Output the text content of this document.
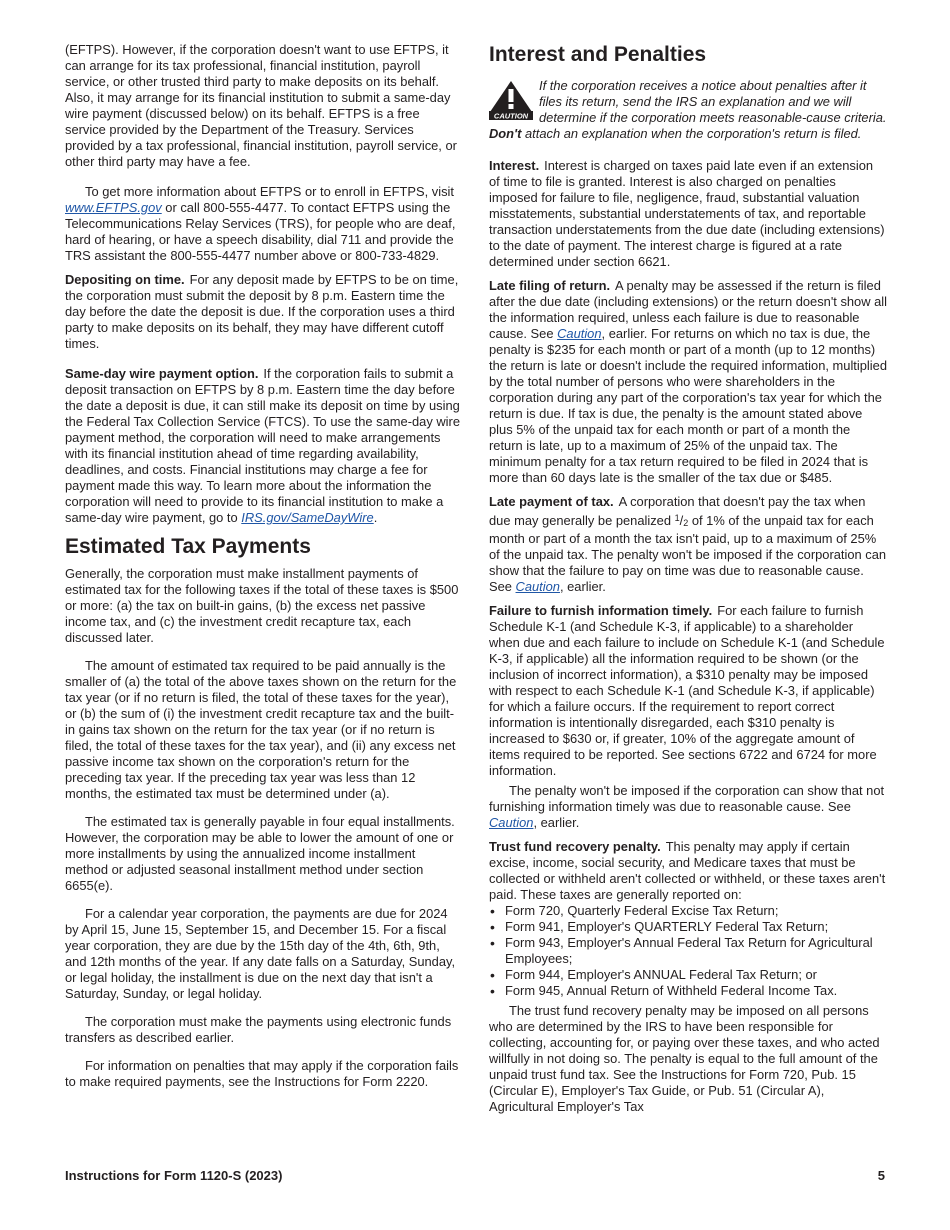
(EFTPS). However, if the corporation doesn't want to use EFTPS, it can arrange for its tax professional, financial institution, payroll service, or other trusted third party to make deposits on its behalf. Also, it may arrange for its financial institution to submit a same-day wire payment (discussed below) on its behalf. EFTPS is a free service provided by the Department of the Treasury. Services provided by a tax professional, financial institution, payroll service, or other third party may have a fee.

To get more information about EFTPS or to enroll in EFTPS, visit www.EFTPS.gov or call 800-555-4477. To contact EFTPS using the Telecommunications Relay Services (TRS), for people who are deaf, hard of hearing, or have a speech disability, dial 711 and provide the TRS assistant the 800-555-4477 number above or 800-733-4829.

Depositing on time. For any deposit made by EFTPS to be on time, the corporation must submit the deposit by 8 p.m. Eastern time the day before the date the deposit is due. If the corporation uses a third party to make deposits on its behalf, they may have different cutoff times.

Same-day wire payment option. If the corporation fails to submit a deposit transaction on EFTPS by 8 p.m. Eastern time the day before the date a deposit is due, it can still make its deposit on time by using the Federal Tax Collection Service (FTCS). To use the same-day wire payment method, the corporation will need to make arrangements with its financial institution ahead of time regarding availability, deadlines, and costs. Financial institutions may charge a fee for payment made this way. To learn more about the information the corporation will need to provide to its financial institution to make a same-day wire payment, go to IRS.gov/SameDayWire.

Estimated Tax Payments

Generally, the corporation must make installment payments of estimated tax for the following taxes if the total of these taxes is $500 or more: (a) the tax on built-in gains, (b) the excess net passive income tax, and (c) the investment credit recapture tax, each discussed later.

The amount of estimated tax required to be paid annually is the smaller of (a) the total of the above taxes shown on the return for the tax year (or if no return is filed, the total of these taxes for the year), or (b) the sum of (i) the investment credit recapture tax and the built-in gains tax shown on the return for the tax year (or if no return is filed, the total of these taxes for the tax year), and (ii) any excess net passive income tax shown on the corporation's return for the preceding tax year. If the preceding tax year was less than 12 months, the estimated tax must be determined under (a).

The estimated tax is generally payable in four equal installments. However, the corporation may be able to lower the amount of one or more installments by using the annualized income installment method or adjusted seasonal installment method under section 6655(e).

For a calendar year corporation, the payments are due for 2024 by April 15, June 15, September 15, and December 15. For a fiscal year corporation, they are due by the 15th day of the 4th, 6th, 9th, and 12th months of the year. If any date falls on a Saturday, Sunday, or legal holiday, the installment is due on the next day that isn't a Saturday, Sunday, or legal holiday.

The corporation must make the payments using electronic funds transfers as described earlier.

For information on penalties that may apply if the corporation fails to make required payments, see the Instructions for Form 2220.

Interest and Penalties
CAUTION
If the corporation receives a notice about penalties after it files its return, send the IRS an explanation and we will determine if the corporation meets reasonable-cause criteria. Don't attach an explanation when the corporation's return is filed.

Interest. Interest is charged on taxes paid late even if an extension of time to file is granted. Interest is also charged on penalties imposed for failure to file, negligence, fraud, substantial valuation misstatements, substantial understatements of tax, and reportable transaction understatements from the due date (including extensions) to the date of payment. The interest charge is figured at a rate determined under section 6621.

Late filing of return. A penalty may be assessed if the return is filed after the due date (including extensions) or the return doesn't show all the information required, unless each failure is due to reasonable cause. See Caution, earlier. For returns on which no tax is due, the penalty is $235 for each month or part of a month (up to 12 months) the return is late or doesn't include the required information, multiplied by the total number of persons who were shareholders in the corporation during any part of the corporation's tax year for which the return is due. If tax is due, the penalty is the amount stated above plus 5% of the unpaid tax for each month or part of a month the return is late, up to a maximum of 25% of the unpaid tax. The minimum penalty for a tax return required to be filed in 2024 that is more than 60 days late is the smaller of the tax due or $485.

Late payment of tax. A corporation that doesn't pay the tax when due may generally be penalized $^1$/2 of 1% of the unpaid tax for each month or part of a month the tax isn't paid, up to a maximum of 25% of the unpaid tax. The penalty won't be imposed if the corporation can show that the failure to pay on time was due to reasonable cause. See Caution, earlier.

Failure to furnish information timely. For each failure to furnish Schedule K-1 (and Schedule K-3, if applicable) to a shareholder when due and each failure to include on Schedule K-1 (and Schedule K-3, if applicable) all the information required to be shown (or the inclusion of incorrect information), a $310 penalty may be imposed with respect to each Schedule K-1 (and Schedule K-3, if applicable) for which a failure occurs. If the requirement to report correct information is intentionally disregarded, each $310 penalty is increased to $630 or, if greater, 10% of the aggregate amount of items required to be reported. See sections 6722 and 6724 for more information.

The penalty won't be imposed if the corporation can show that not furnishing information timely was due to reasonable cause. See Caution, earlier.

Trust fund recovery penalty. This penalty may apply if certain excise, income, social security, and Medicare taxes that must be collected or withheld aren't collected or withheld, or these taxes aren't paid. These taxes are generally reported on:

• Form 720, Quarterly Federal Excise Tax Return;
• Form 941, Employer's QUARTERLY Federal Tax Return;
• Form 943, Employer's Annual Federal Tax Return for Agricultural Employees;
• Form 944, Employer's ANNUAL Federal Tax Return; or
• Form 945, Annual Return of Withheld Federal Income Tax.

The trust fund recovery penalty may be imposed on all persons who are determined by the IRS to have been responsible for collecting, accounting for, or paying over these taxes, and who acted willfully in not doing so. The penalty is equal to the full amount of the unpaid trust fund tax. See the Instructions for Form 720, Pub. 15 (Circular E), Employer's Tax Guide, or Pub. 51 (Circular A), Agricultural Employer's Tax

Instructions for Form 1120-S (2023)	5
